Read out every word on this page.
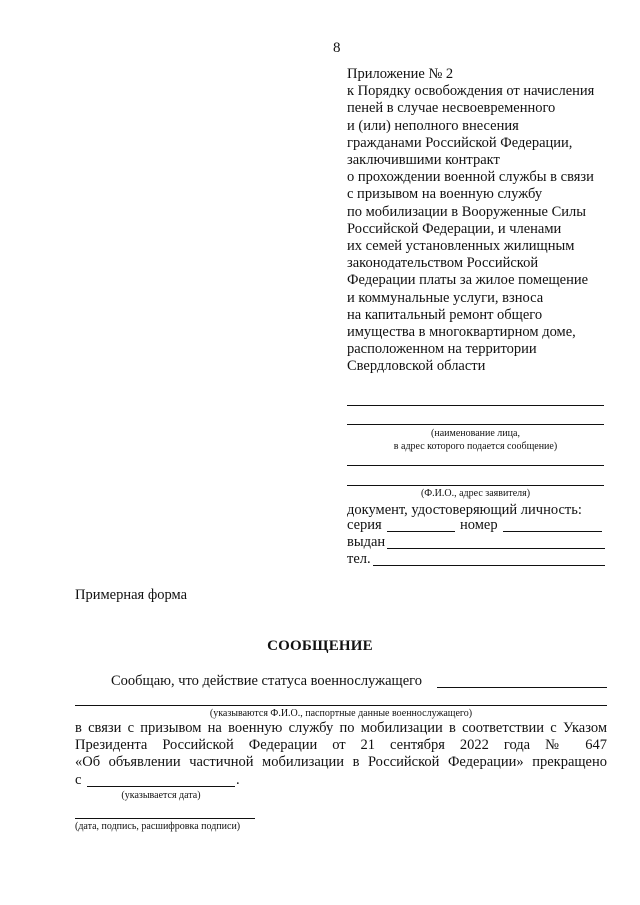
8
Приложение № 2
к Порядку освобождения от начисления
пеней в случае несвоевременного
и (или) неполного внесения
гражданами Российской Федерации,
заключившими контракт
о прохождении военной службы в связи
с призывом на военную службу
по мобилизации в Вооруженные Силы
Российской Федерации, и членами
их семей установленных жилищным
законодательством Российской
Федерации платы за жилое помещение
и коммунальные услуги, взноса
на капитальный ремонт общего
имущества в многоквартирном доме,
расположенном на территории
Свердловской области
(наименование лица,
в адрес которого подается сообщение)
(Ф.И.О., адрес заявителя)
документ, удостоверяющий личность:
серия	номер
выдан
тел.
Примерная форма
СООБЩЕНИЕ
Сообщаю, что действие статуса военнослужащего
(указываются Ф.И.О., паспортные данные военнослужащего)
в связи с призывом на военную службу по мобилизации в соответствии с Указом
Президента Российской Федерации от 21 сентября 2022 года № 647
«Об объявлении частичной мобилизации в Российской Федерации» прекращено
с	.
(указывается дата)
(дата, подпись, расшифровка подписи)
